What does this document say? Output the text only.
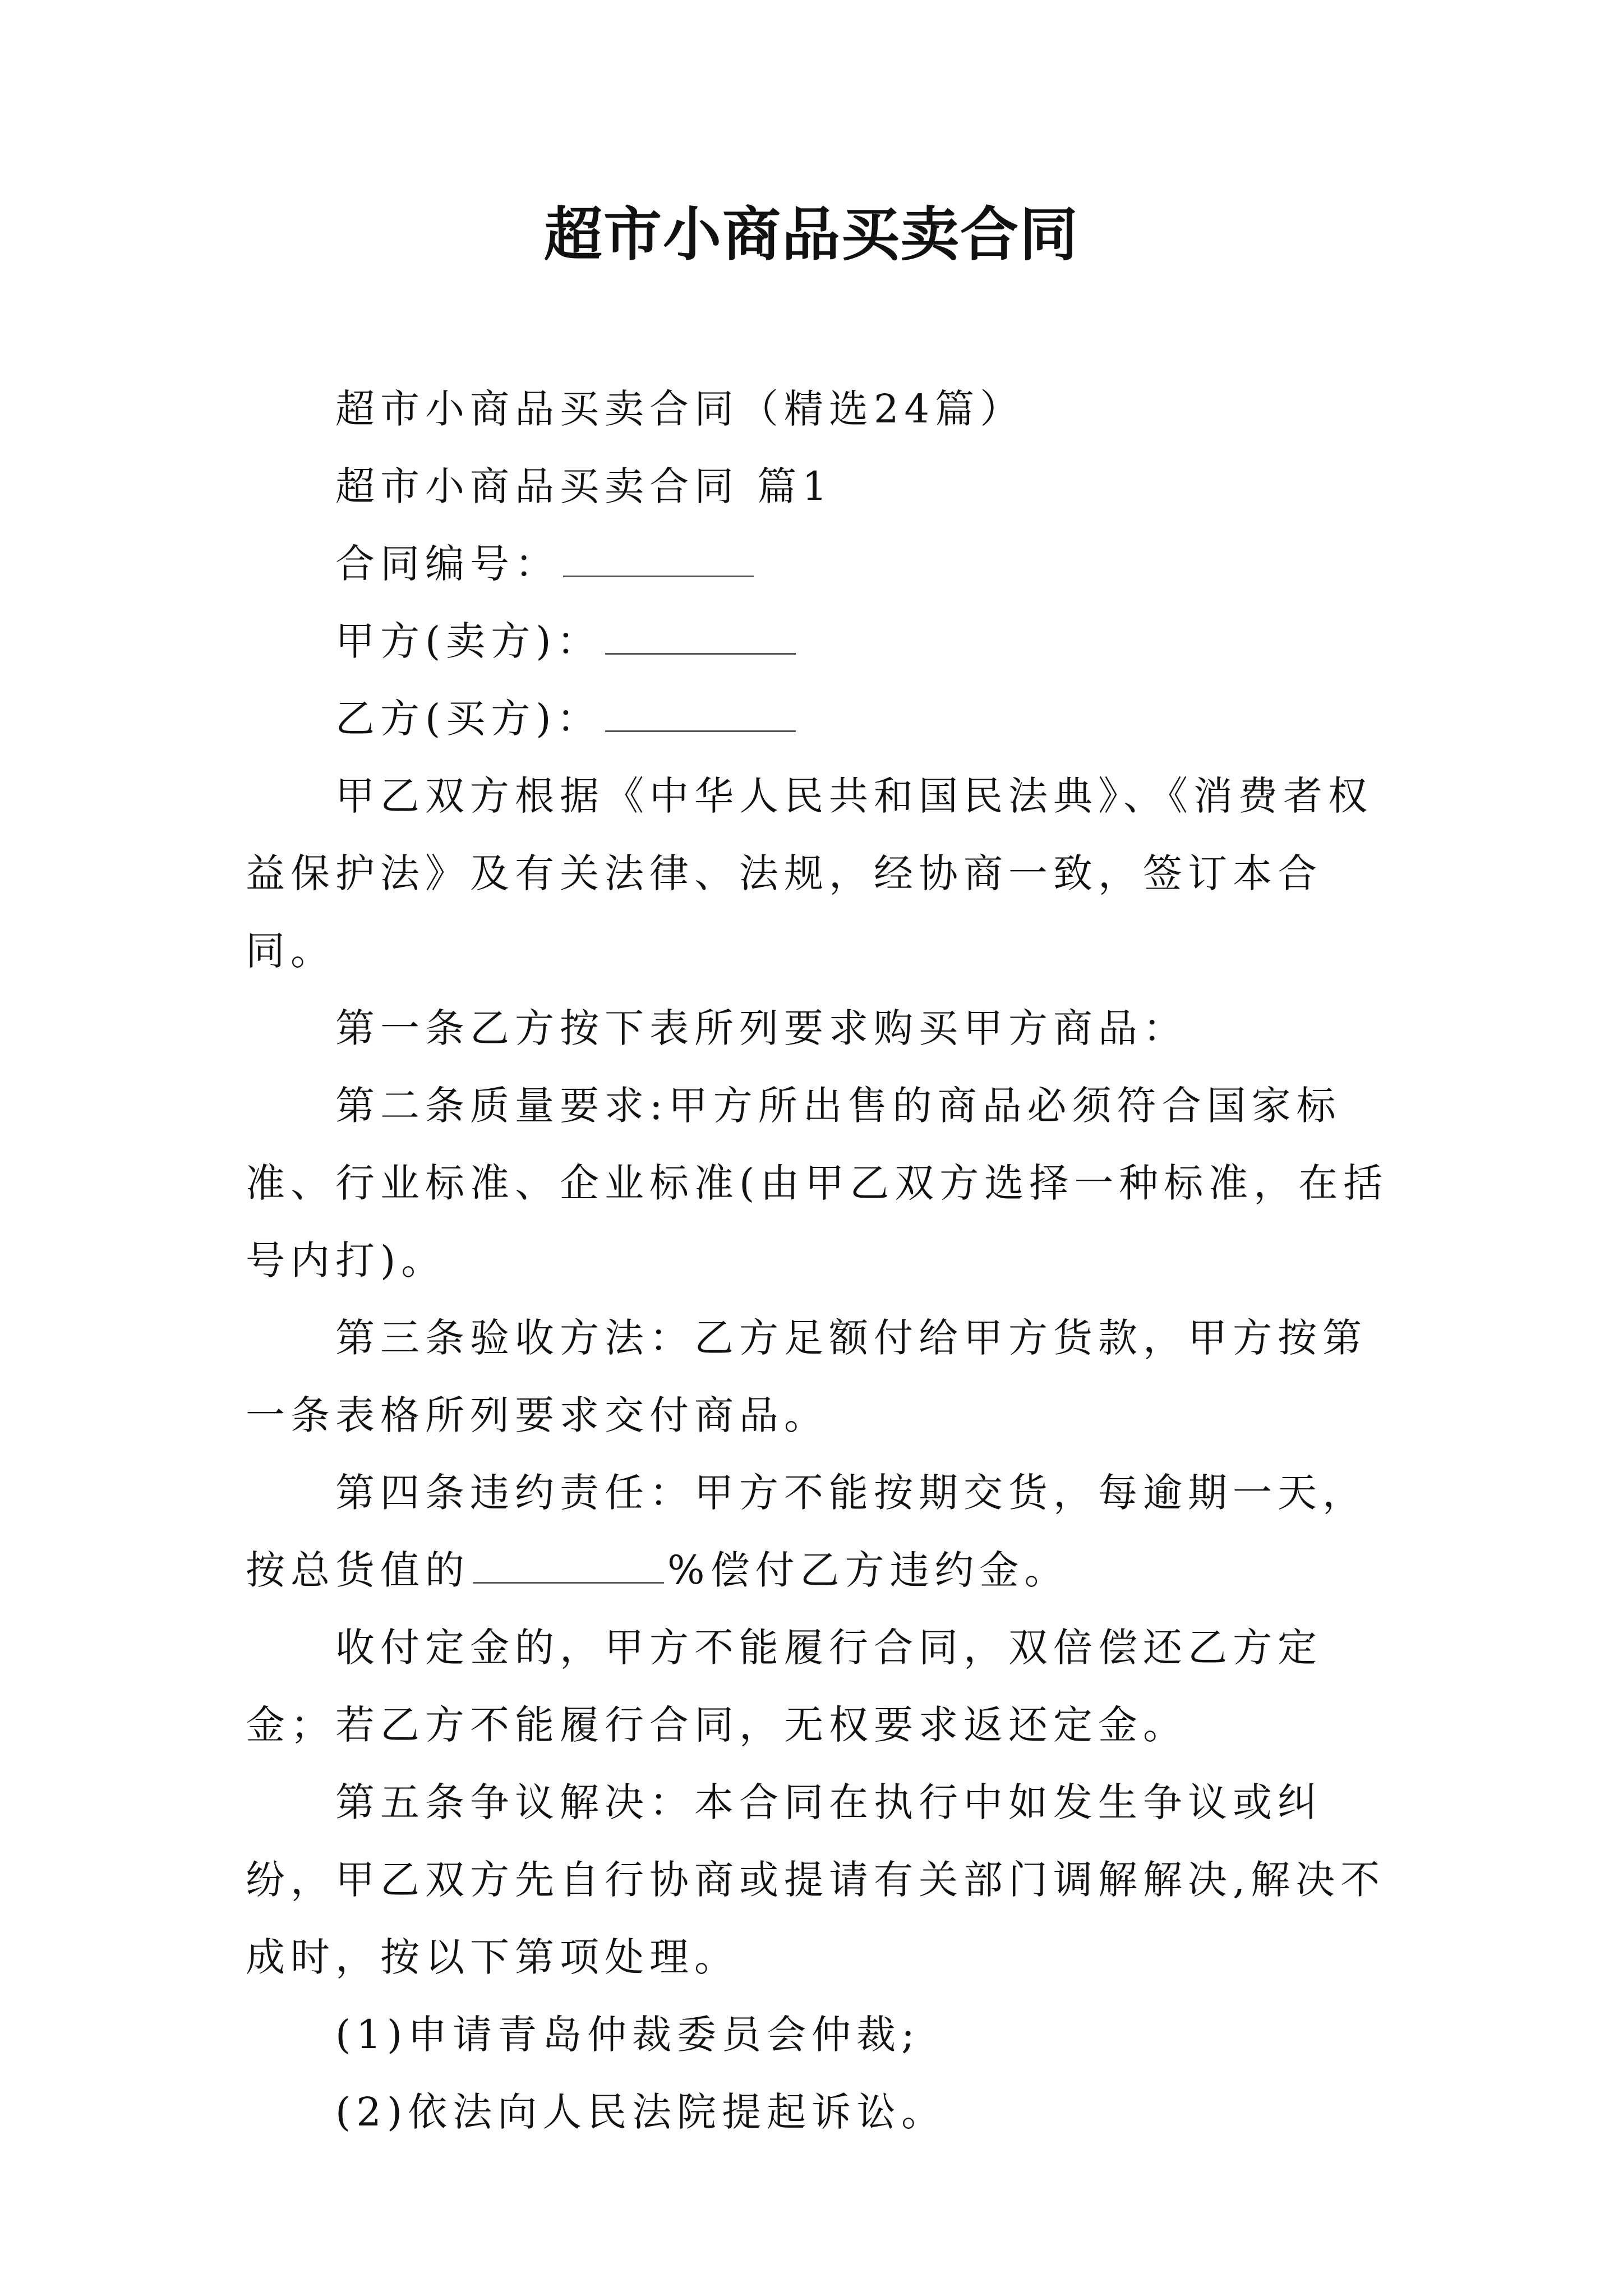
超市小商品买卖合同

超市小商品买卖合同（精选24篇）

超市小商品买卖合同 篇1

合同编号：

甲方(卖方)：

乙方(买方)：

甲乙双方根据《中华人民共和国民法典》、《消费者权益保护法》及有关法律、法规，经协商一致，签订本合同。

第一条乙方按下表所列要求购买甲方商品：

第二条质量要求:甲方所出售的商品必须符合国家标准、行业标准、企业标准(由甲乙双方选择一种标准，在括号内打)。

第三条验收方法：乙方足额付给甲方货款，甲方按第一条表格所列要求交付商品。

第四条违约责任：甲方不能按期交货，每逾期一天，按总货值的	%偿付乙方违约金。

收付定金的，甲方不能履行合同，双倍偿还乙方定金；若乙方不能履行合同，无权要求返还定金。

第五条争议解决：本合同在执行中如发生争议或纠纷，甲乙双方先自行协商或提请有关部门调解解决,解决不成时，按以下第项处理。

(1)申请青岛仲裁委员会仲裁;

(2)依法向人民法院提起诉讼。
